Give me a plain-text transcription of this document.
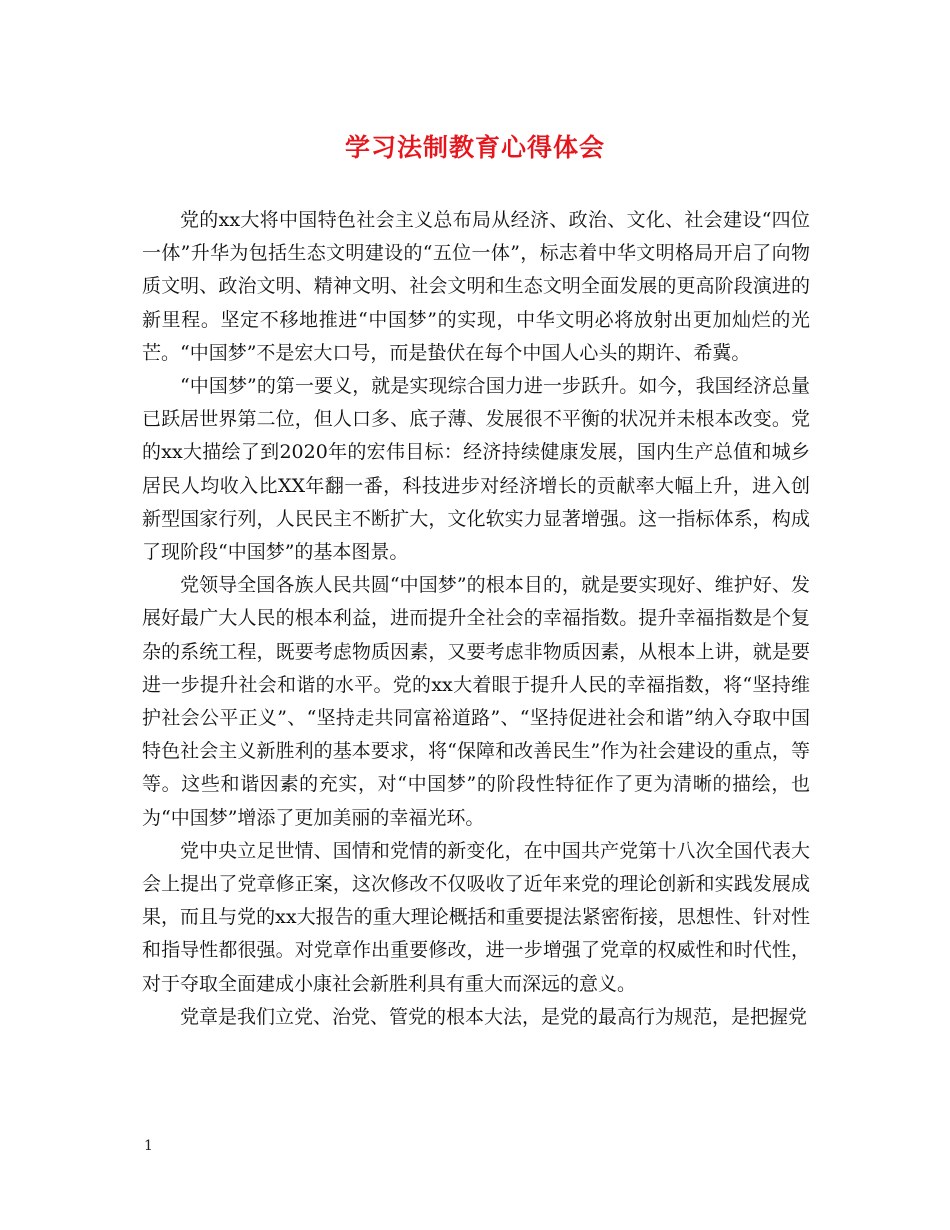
学习法制教育心得体会

党的xx大将中国特色社会主义总布局从经济、政治、文化、社会建设“四位一体”升华为包括生态文明建设的“五位一体”，标志着中华文明格局开启了向物质文明、政治文明、精神文明、社会文明和生态文明全面发展的更高阶段演进的新里程。坚定不移地推进“中国梦”的实现，中华文明必将放射出更加灿烂的光芒。“中国梦”不是宏大口号，而是蛰伏在每个中国人心头的期许、希冀。

“中国梦”的第一要义，就是实现综合国力进一步跃升。如今，我国经济总量已跃居世界第二位，但人口多、底子薄、发展很不平衡的状况并未根本改变。党的xx大描绘了到2020年的宏伟目标：经济持续健康发展，国内生产总值和城乡居民人均收入比XX年翻一番，科技进步对经济增长的贡献率大幅上升，进入创新型国家行列，人民民主不断扩大，文化软实力显著增强。这一指标体系，构成了现阶段“中国梦”的基本图景。

党领导全国各族人民共圆“中国梦”的根本目的，就是要实现好、维护好、发展好最广大人民的根本利益，进而提升全社会的幸福指数。提升幸福指数是个复杂的系统工程，既要考虑物质因素，又要考虑非物质因素，从根本上讲，就是要进一步提升社会和谐的水平。党的xx大着眼于提升人民的幸福指数，将“坚持维护社会公平正义”、“坚持走共同富裕道路”、“坚持促进社会和谐”纳入夺取中国特色社会主义新胜利的基本要求，将“保障和改善民生”作为社会建设的重点，等等。这些和谐因素的充实，对“中国梦”的阶段性特征作了更为清晰的描绘，也为“中国梦”增添了更加美丽的幸福光环。

党中央立足世情、国情和党情的新变化，在中国共产党第十八次全国代表大会上提出了党章修正案，这次修改不仅吸收了近年来党的理论创新和实践发展成果，而且与党的xx大报告的重大理论概括和重要提法紧密衔接，思想性、针对性和指导性都很强。对党章作出重要修改，进一步增强了党章的权威性和时代性，对于夺取全面建成小康社会新胜利具有重大而深远的意义。

党章是我们立党、治党、管党的根本大法，是党的最高行为规范，是把握党

1
